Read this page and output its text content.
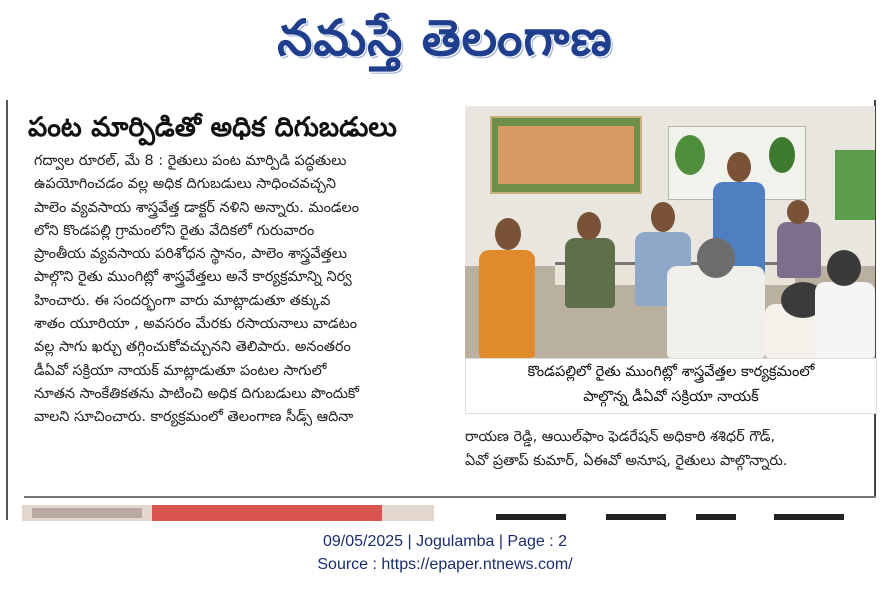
నమస్తే తెలంగాణ
పంట మార్పిడితో అధిక దిగుబడులు
గద్వాల రూరల్, మే 8 : రైతులు పంట మార్పిడి పద్ధతులు
ఉపయోగించడం వల్ల అధిక దిగుబడులు సాధించవచ్చని
పాలెం వ్యవసాయ శాస్త్రవేత్త డాక్టర్ నళిని అన్నారు. మండలం
లోని కొండపల్లి గ్రామంలోని రైతు వేదికలో గురువారం
ప్రాంతీయ వ్యవసాయ పరిశోధన స్థానం, పాలెం శాస్త్రవేత్తలు
పాల్గొని రైతు ముంగిట్లో శాస్త్రవేత్తలు అనే కార్యక్రమాన్ని నిర్వ
హించారు. ఈ సందర్భంగా వారు మాట్లాడుతూ తక్కువ
శాతం యూరియా , అవసరం మేరకు రసాయనాలు వాడటం
వల్ల సాగు ఖర్చు తగ్గించుకోవచ్చునని తెలిపారు. అనంతరం
డీఏవో సక్రియా నాయక్ మాట్లాడుతూ పంటల సాగులో
నూతన సాంకేతికతను పాటించి అధిక దిగుబడులు పొందుకో
వాలని సూచించారు. కార్యక్రమంలో తెలంగాణ సీడ్స్ ఆదినా
కొండపల్లిలో రైతు ముంగిట్లో శాస్త్రవేత్తల కార్యక్రమంలో
పాల్గొన్న డీఏవో సక్రియా నాయక్
రాయణ రెడ్డి, ఆయిల్‌ఫాం ఫెడరేషన్ అధికారి శశిధర్ గౌడ్,
ఏవో ప్రతాప్ కుమార్, ఏఈవో అనూష, రైతులు పాల్గొన్నారు.
09/05/2025 | Jogulamba | Page : 2
Source : https://epaper.ntnews.com/
